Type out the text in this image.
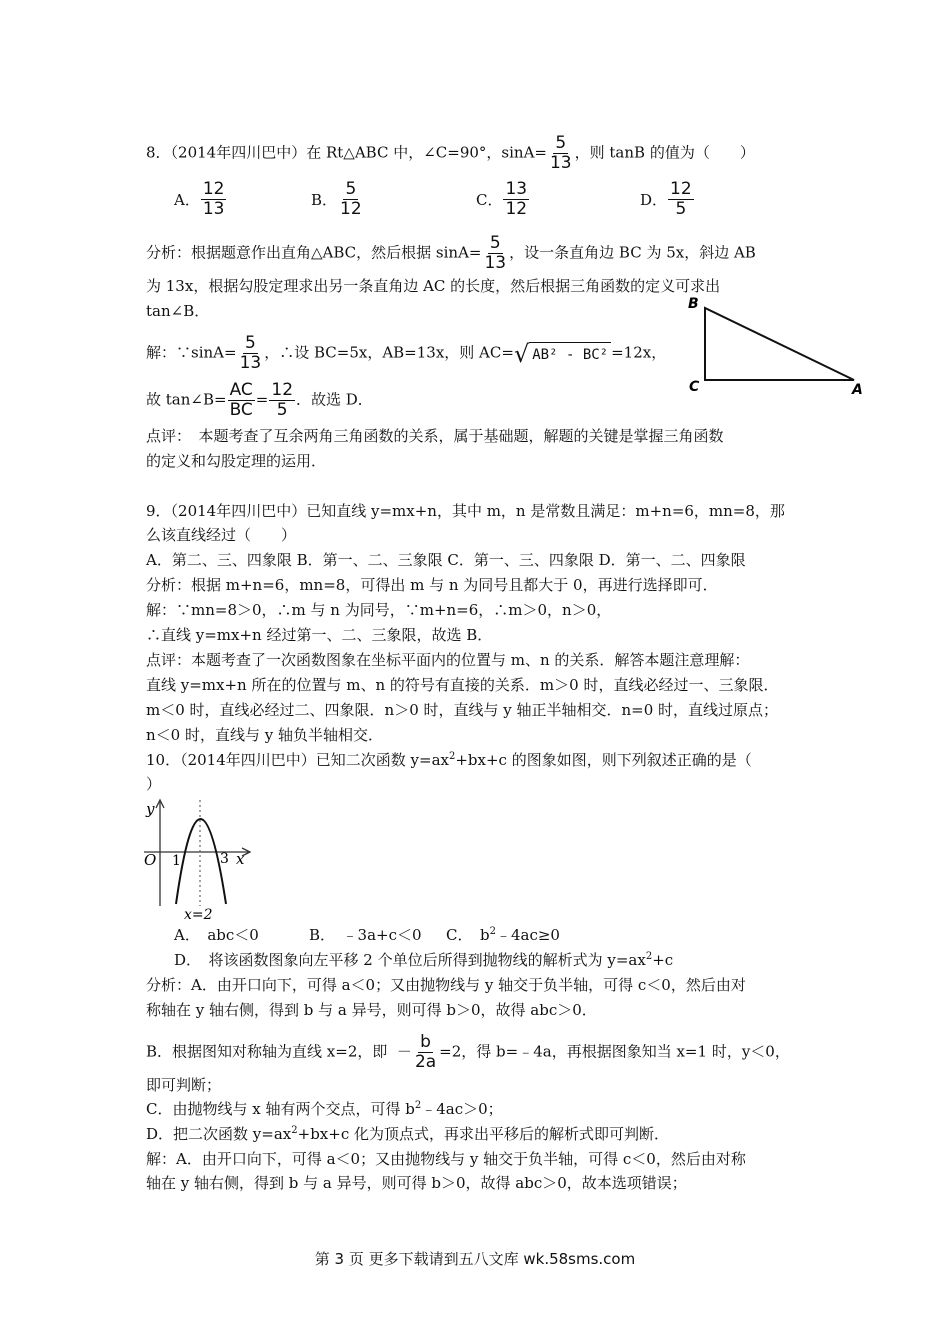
8．（2014年四川巴中）在 Rt△ABC 中，∠C=90°，$\sin A= \frac{5}{13}$ ，则 tanB 的值为（　　）
A． $\frac{12}{13}$	B． $\frac{5}{12}$	C． $\frac{13}{12}$	D． $\frac{12}{5}$
分析：根据题意作出直角△ABC，然后根据 $\sin A= \frac{5}{13}$ ，设一条直角边 BC 为 5x，斜边 AB
为 13x，根据勾股定理求出另一条直角边 AC 的长度，然后根据三角函数的定义可求出
tan∠B．	B
C	A
解：∵sinA= $\frac{5}{13}$ ，∴设 BC=5x，AB=13x，则 AC= √ AB² - BC² =12x，
故 tan∠B= $\frac{AC}{BC} = \frac{12}{5}$ ．故选 D．
点评：　本题考查了互余两角三角函数的关系，属于基础题，解题的关键是掌握三角函数
的定义和勾股定理的运用．
9．（2014年四川巴中）已知直线 y=mx+n，其中 m，n 是常数且满足：m+n=6，mn=8，那
么该直线经过（　　）
A．第二、三、四象限 B．第一、二、三象限 C．第一、三、四象限 D．第一、二、四象限
分析：根据 m+n=6，mn=8，可得出 m 与 n 为同号且都大于 0，再进行选择即可．
解：∵mn=8＞0，∴m 与 n 为同号，∵m+n=6，∴m＞0，n＞0，
∴直线 y=mx+n 经过第一、二、三象限，故选 B．
点评：本题考查了一次函数图象在坐标平面内的位置与 m、n 的关系．解答本题注意理解：
直线 y=mx+n 所在的位置与 m、n 的符号有直接的关系．m＞0 时，直线必经过一、三象限．
m＜0 时，直线必经过二、四象限．n＞0 时，直线与 y 轴正半轴相交．n=0 时，直线过原点；
n＜0 时，直线与 y 轴负半轴相交．
10．（2014年四川巴中）已知二次函数 $y=ax^2+bx+c$ 的图象如图，则下列叙述正确的是（
）
y
O 1	3 x
x=2
A．　abc＜0	B．　﹣3a+c＜0 C．　$b^2﹣4ac\ge 0$
D．　将该函数图象向左平移 2 个单位后所得到抛物线的解析式为 $y=ax^2+c$
分析：A．由开口向下，可得 a＜0；又由抛物线与 y 轴交于负半轴，可得 c＜0，然后由对
称轴在 y 轴右侧，得到 b 与 a 异号，则可得 b＞0，故得 abc＞0．
B．根据图知对称轴为直线 x=2，即 － $\frac{b}{2a} =2$，得 b=﹣4a，再根据图象知当 x=1 时，y＜0，
即可判断；
C．由抛物线与 x 轴有两个交点，可得 $b^2﹣4ac>0$；
D．把二次函数 $y=ax^2+bx+c$ 化为顶点式，再求出平移后的解析式即可判断．
解：A．由开口向下，可得 a＜0；又由抛物线与 y 轴交于负半轴，可得 c＜0，然后由对称
轴在 y 轴右侧，得到 b 与 a 异号，则可得 b＞0，故得 abc＞0，故本选项错误；
第 3 页 更多下载请到五八文库 wk.58sms.com
